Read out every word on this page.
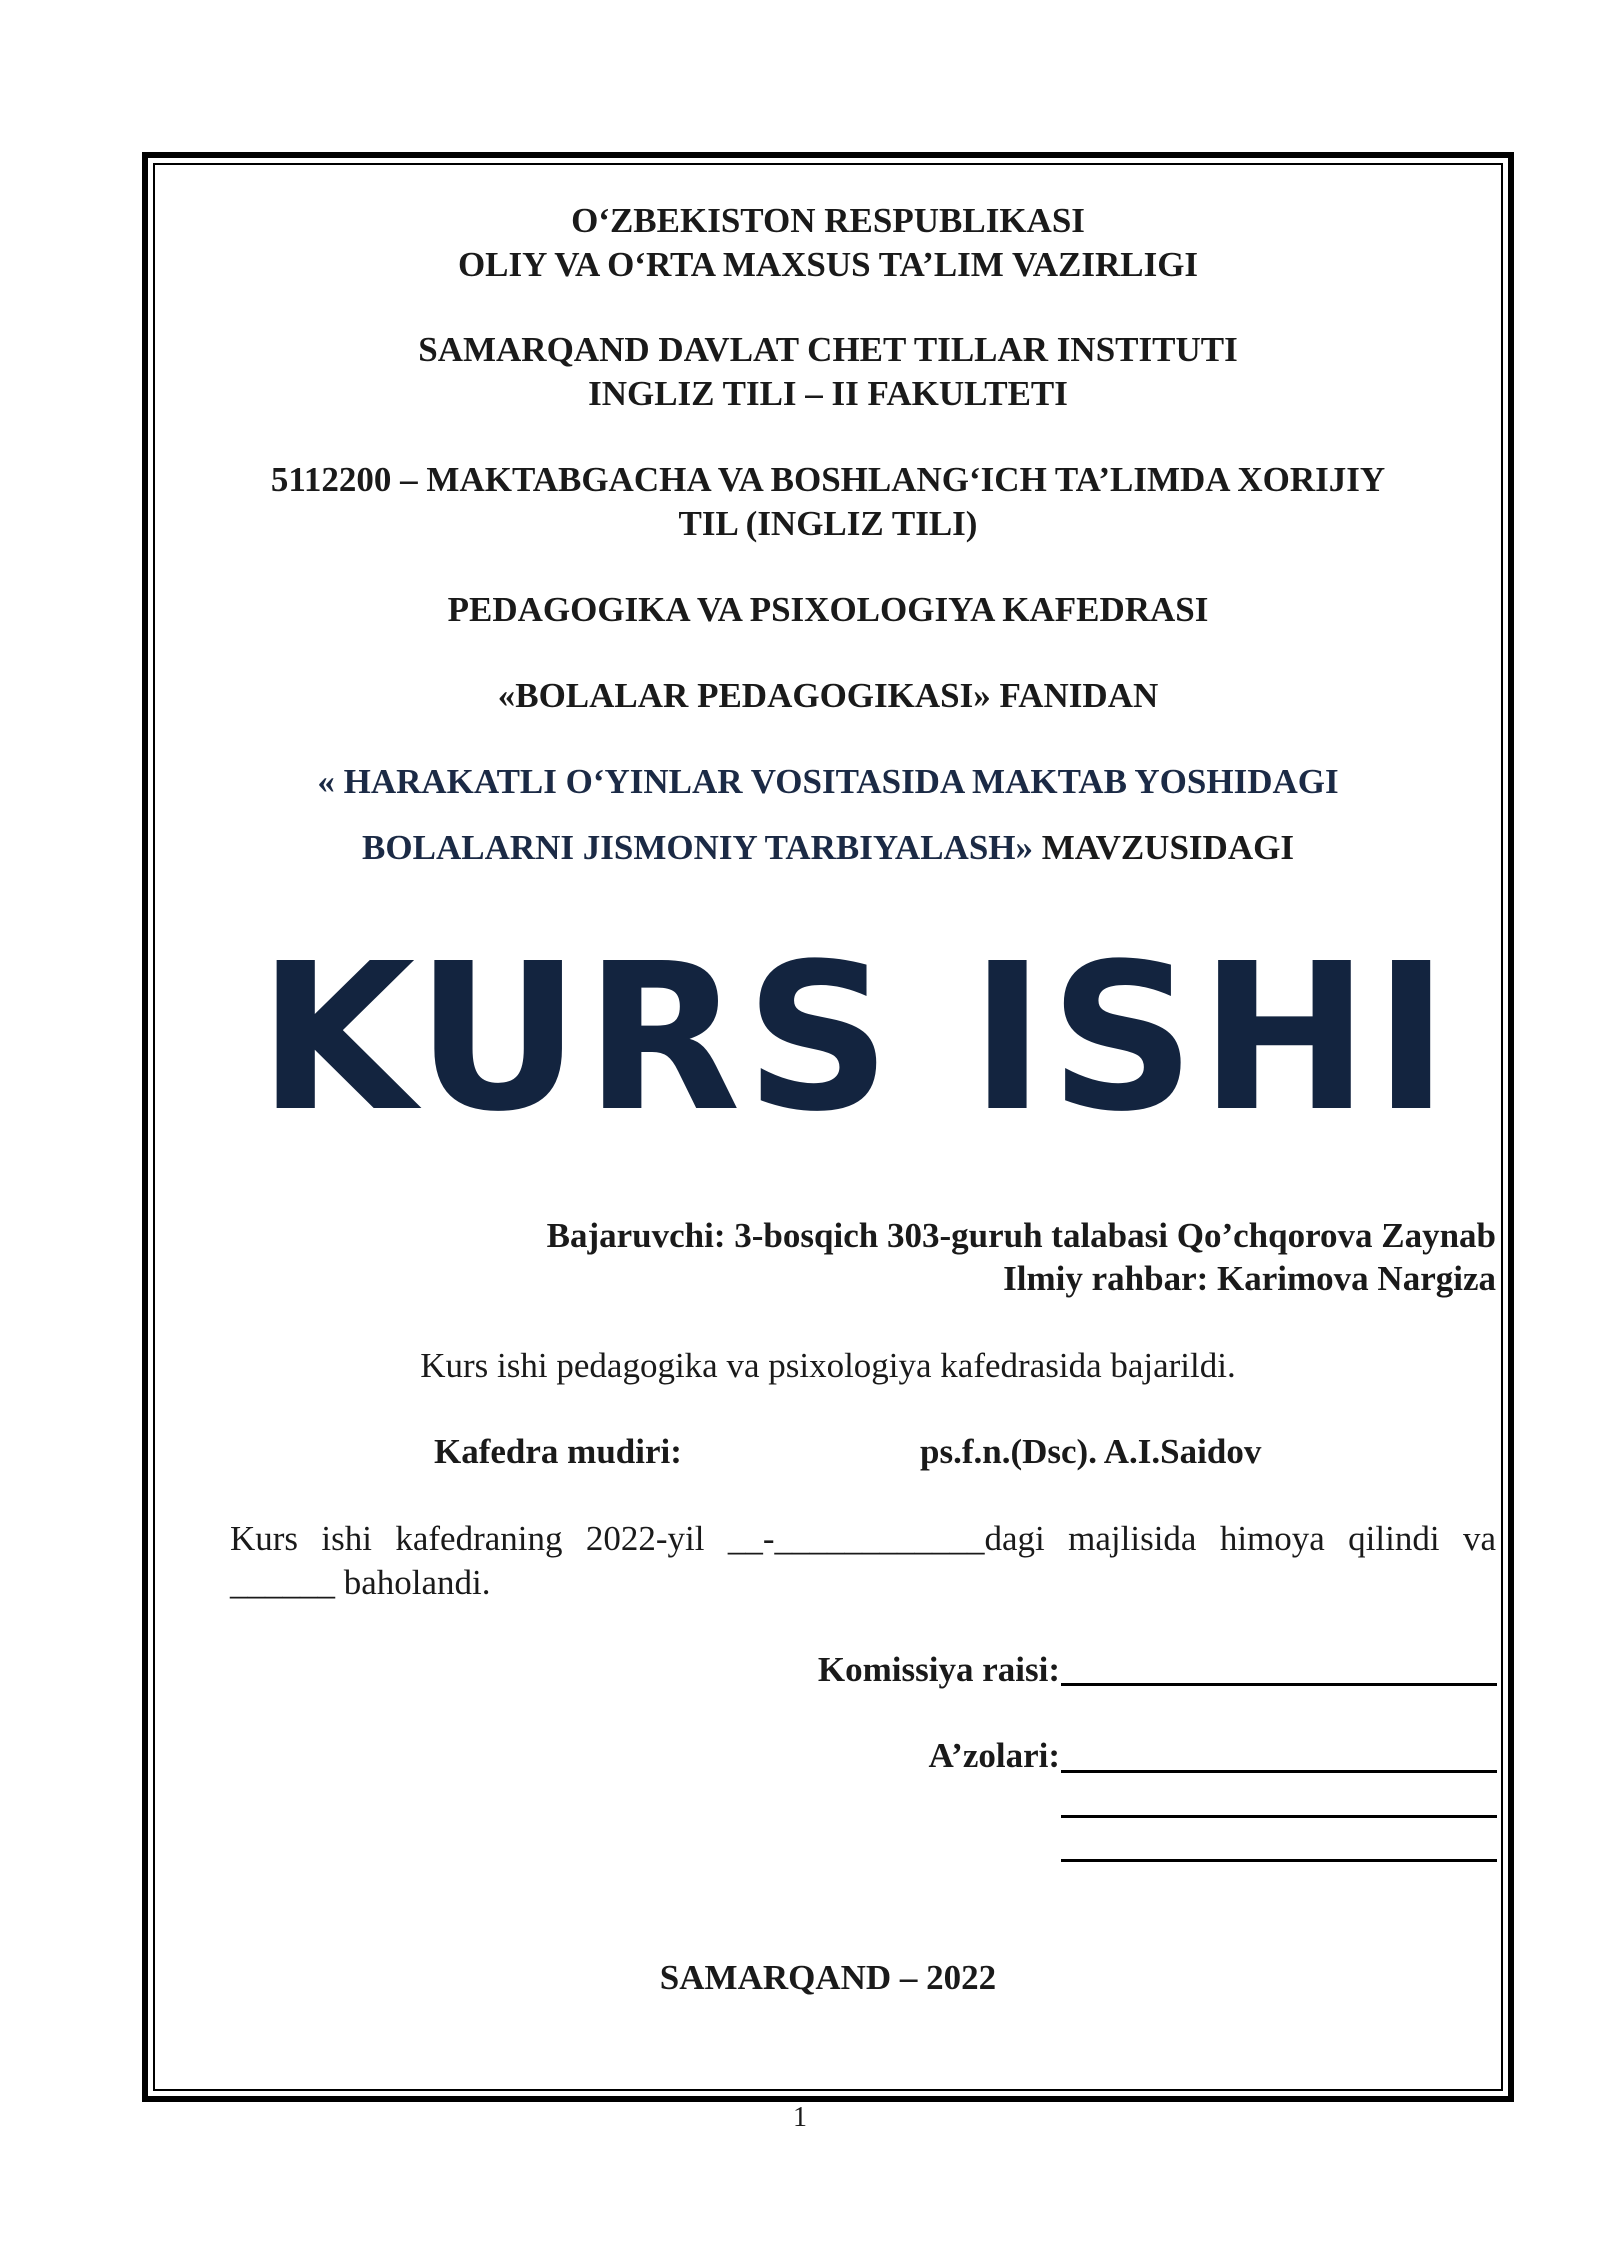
O‘ZBEKISTON RESPUBLIKASI
OLIY VA O‘RTA MAXSUS TA’LIM VAZIRLIGI
SAMARQAND DAVLAT CHET TILLAR INSTITUTI
INGLIZ TILI – II FAKULTETI
5112200 – MAKTABGACHA VA BOSHLANG‘ICH TA’LIMDA XORIJIY
TIL (INGLIZ TILI)
PEDAGOGIKA VA PSIXOLOGIYA KAFEDRASI
«BOLALAR PEDAGOGIKASI» FANIDAN
« HARAKATLI O‘YINLAR VOSITASIDA MAKTAB YOSHIDAGI
BOLALARNI JISMONIY TARBIYALASH» MAVZUSIDAGI
KURS ISHI
Bajaruvchi: 3-bosqich 303-guruh talabasi Qo’chqorova Zaynab
Ilmiy rahbar: Karimova Nargiza
Kurs ishi pedagogika va psixologiya kafedrasida bajarildi.
Kafedra mudiri:	ps.f.n.(Dsc). A.I.Saidov
Kurs ishi kafedraning 2022-yil __-____________dagi majlisida himoya qilindi va
______ baholandi.
Komissiya raisi:
A’zolari:
SAMARQAND – 2022
1
